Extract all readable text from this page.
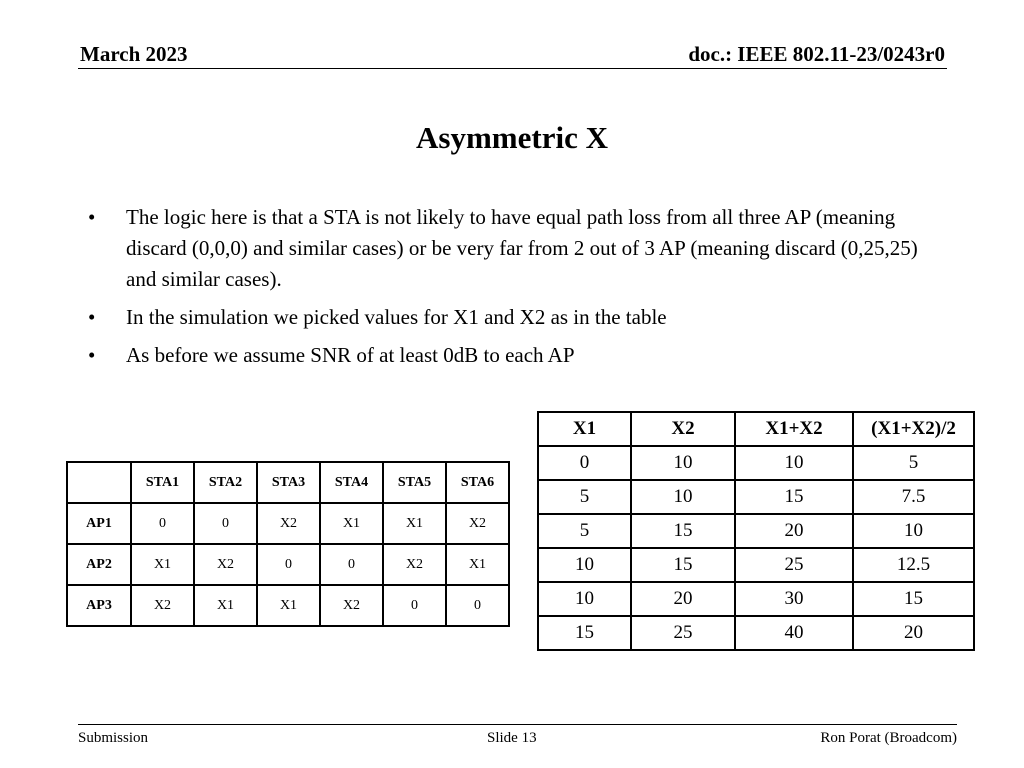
March 2023	doc.: IEEE 802.11-23/0243r0
Asymmetric X
• The logic here is that a STA is not likely to have equal path loss from all three AP (meaning discard (0,0,0) and similar cases) or be very far from 2 out of 3 AP (meaning discard (0,25,25) and similar cases).
• In the simulation we picked values for X1 and X2 as in the table
• As before we assume SNR of at least 0dB to each AP
	STA1	STA2	STA3	STA4	STA5	STA6
AP1	0	0	X2	X1	X1	X2
AP2	X1	X2	0	0	X2	X1
AP3	X2	X1	X1	X2	0	0
X1	X2	X1+X2	(X1+X2)/2
0	10	10	5
5	10	15	7.5
5	15	20	10
10	15	25	12.5
10	20	30	15
15	25	40	20
Submission	Slide 13	Ron Porat (Broadcom)
